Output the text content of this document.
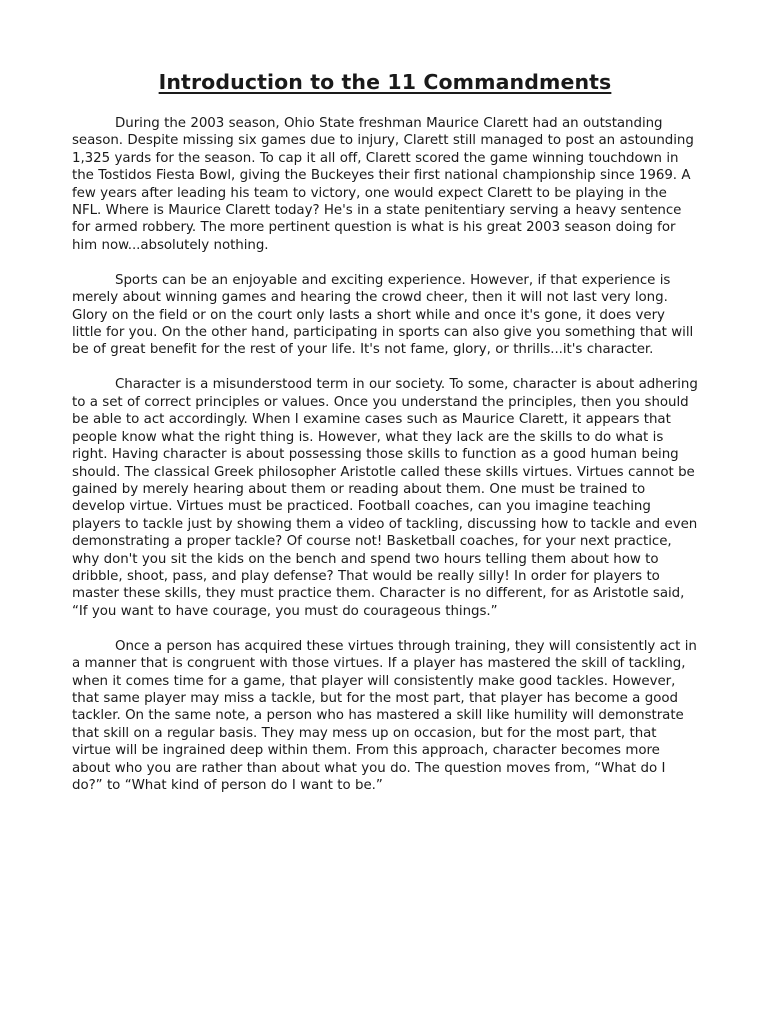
Introduction to the 11 Commandments

During the 2003 season, Ohio State freshman Maurice Clarett had an outstanding season. Despite missing six games due to injury, Clarett still managed to post an astounding 1,325 yards for the season. To cap it all off, Clarett scored the game winning touchdown in the Tostidos Fiesta Bowl, giving the Buckeyes their first national championship since 1969. A few years after leading his team to victory, one would expect Clarett to be playing in the NFL. Where is Maurice Clarett today? He's in a state penitentiary serving a heavy sentence for armed robbery. The more pertinent question is what is his great 2003 season doing for him now...absolutely nothing.

Sports can be an enjoyable and exciting experience. However, if that experience is merely about winning games and hearing the crowd cheer, then it will not last very long. Glory on the field or on the court only lasts a short while and once it's gone, it does very little for you. On the other hand, participating in sports can also give you something that will be of great benefit for the rest of your life. It's not fame, glory, or thrills...it's character.

Character is a misunderstood term in our society. To some, character is about adhering to a set of correct principles or values. Once you understand the principles, then you should be able to act accordingly. When I examine cases such as Maurice Clarett, it appears that people know what the right thing is. However, what they lack are the skills to do what is right. Having character is about possessing those skills to function as a good human being should. The classical Greek philosopher Aristotle called these skills virtues. Virtues cannot be gained by merely hearing about them or reading about them. One must be trained to develop virtue. Virtues must be practiced. Football coaches, can you imagine teaching players to tackle just by showing them a video of tackling, discussing how to tackle and even demonstrating a proper tackle? Of course not! Basketball coaches, for your next practice, why don't you sit the kids on the bench and spend two hours telling them about how to dribble, shoot, pass, and play defense? That would be really silly! In order for players to master these skills, they must practice them. Character is no different, for as Aristotle said, “If you want to have courage, you must do courageous things.”

Once a person has acquired these virtues through training, they will consistently act in a manner that is congruent with those virtues. If a player has mastered the skill of tackling, when it comes time for a game, that player will consistently make good tackles. However, that same player may miss a tackle, but for the most part, that player has become a good tackler. On the same note, a person who has mastered a skill like humility will demonstrate that skill on a regular basis. They may mess up on occasion, but for the most part, that virtue will be ingrained deep within them. From this approach, character becomes more about who you are rather than about what you do. The question moves from, “What do I do?” to “What kind of person do I want to be.”
